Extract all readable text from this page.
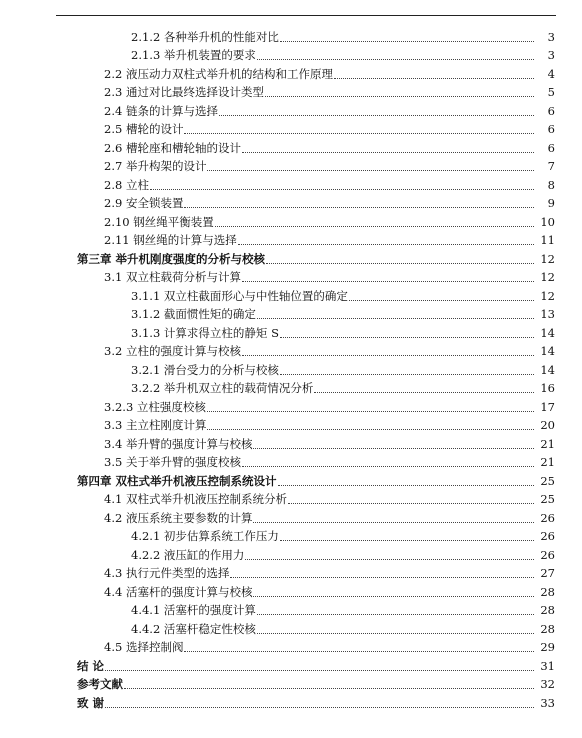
2.1.2 各种举升机的性能对比	3
2.1.3 举升机装置的要求	3
2.2 液压动力双柱式举升机的结构和工作原理	4
2.3 通过对比最终选择设计类型	5
2.4 链条的计算与选择	6
2.5 槽轮的设计	6
2.6 槽轮座和槽轮轴的设计	6
2.7 举升构架的设计	7
2.8 立柱	8
2.9 安全锁装置	9
2.10 钢丝绳平衡装置	10
2.11 钢丝绳的计算与选择	11
第三章 举升机刚度强度的分析与校核	12
3.1 双立柱载荷分析与计算	12
3.1.1 双立柱截面形心与中性轴位置的确定	12
3.1.2 截面惯性矩的确定	13
3.1.3 计算求得立柱的静矩 S	14
3.2 立柱的强度计算与校核	14
3.2.1 滑台受力的分析与校核	14
3.2.2 举升机双立柱的载荷情况分析	16
3.2.3 立柱强度校核	17
3.3 主立柱刚度计算	20
3.4 举升臂的强度计算与校核	21
3.5 关于举升臂的强度校核	21
第四章 双柱式举升机液压控制系统设计	25
4.1 双柱式举升机液压控制系统分析	25
4.2 液压系统主要参数的计算	26
4.2.1 初步估算系统工作压力	26
4.2.2 液压缸的作用力	26
4.3 执行元件类型的选择	27
4.4 活塞杆的强度计算与校核	28
4.4.1 活塞杆的强度计算	28
4.4.2 活塞杆稳定性校核	28
4.5 选择控制阀	29
结 论	31
参考文献	32
致 谢	33
